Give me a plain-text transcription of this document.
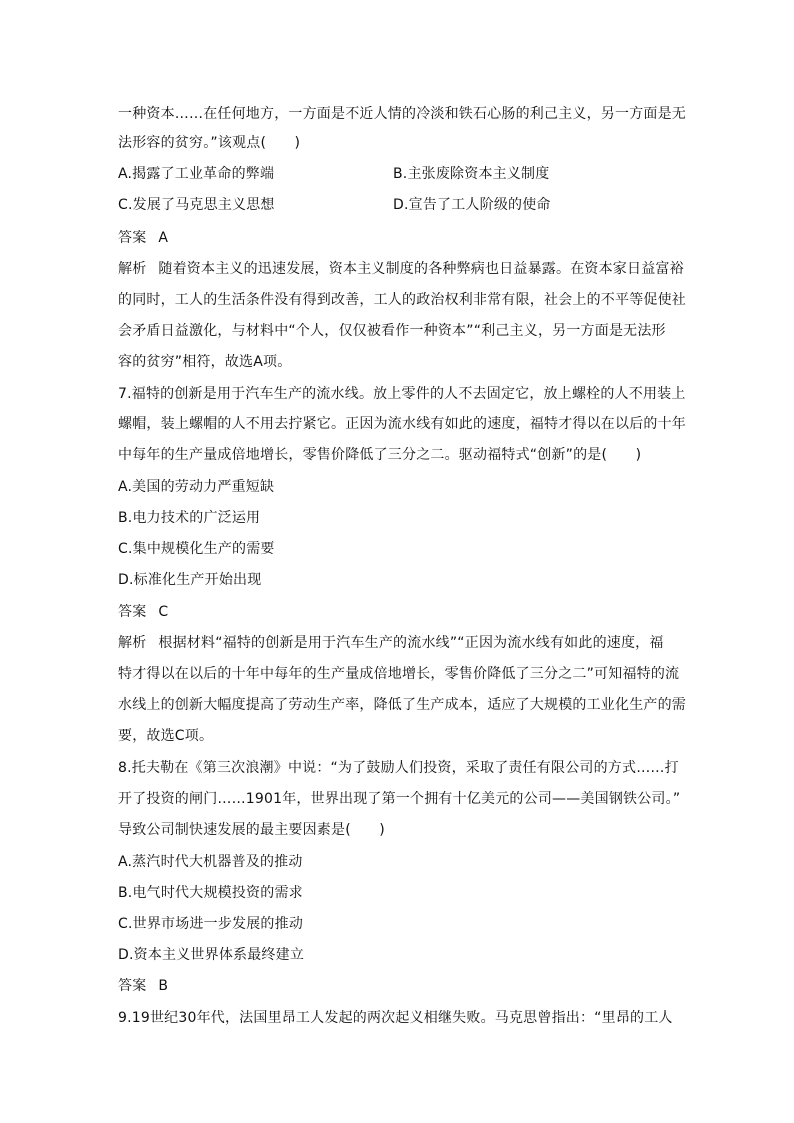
一种资本……在任何地方，一方面是不近人情的冷淡和铁石心肠的利己主义，另一方面是无
法形容的贫穷。”该观点(　　)
A.揭露了工业革命的弊端	B.主张废除资本主义制度
C.发展了马克思主义思想	D.宣告了工人阶级的使命
答案 A
解析 随着资本主义的迅速发展，资本主义制度的各种弊病也日益暴露。在资本家日益富裕
的同时，工人的生活条件没有得到改善，工人的政治权利非常有限，社会上的不平等促使社
会矛盾日益激化，与材料中“个人，仅仅被看作一种资本”“利己主义，另一方面是无法形
容的贫穷”相符，故选A项。
7.福特的创新是用于汽车生产的流水线。放上零件的人不去固定它，放上螺栓的人不用装上
螺帽，装上螺帽的人不用去拧紧它。正因为流水线有如此的速度，福特才得以在以后的十年
中每年的生产量成倍地增长，零售价降低了三分之二。驱动福特式“创新”的是(　　)
A.美国的劳动力严重短缺
B.电力技术的广泛运用
C.集中规模化生产的需要
D.标准化生产开始出现
答案 C
解析 根据材料“福特的创新是用于汽车生产的流水线”“正因为流水线有如此的速度，福
特才得以在以后的十年中每年的生产量成倍地增长，零售价降低了三分之二”可知福特的流
水线上的创新大幅度提高了劳动生产率，降低了生产成本，适应了大规模的工业化生产的需
要，故选C项。
8.托夫勒在《第三次浪潮》中说：“为了鼓励人们投资，采取了责任有限公司的方式……打
开了投资的闸门……1901年，世界出现了第一个拥有十亿美元的公司——美国钢铁公司。”
导致公司制快速发展的最主要因素是(　　)
A.蒸汽时代大机器普及的推动
B.电气时代大规模投资的需求
C.世界市场进一步发展的推动
D.资本主义世界体系最终建立
答案 B
9.19世纪30年代，法国里昂工人发起的两次起义相继失败。马克思曾指出：“里昂的工人
